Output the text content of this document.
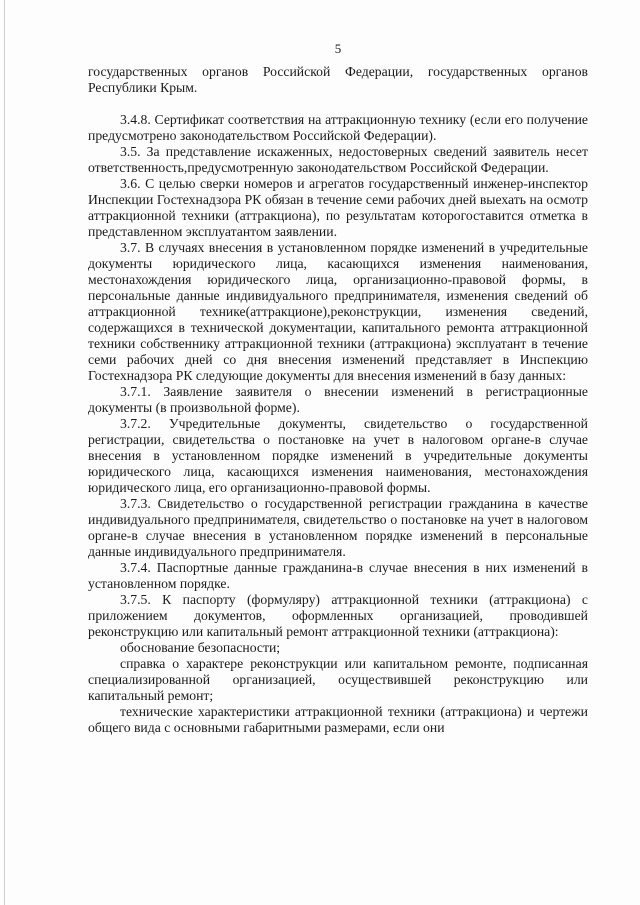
5

государственных органов Российской Федерации, государственных органов Республики Крым.

3.4.8. Сертификат соответствия на аттракционную технику (если его получение предусмотрено законодательством Российской Федерации).

3.5. За представление искаженных, недостоверных сведений заявитель несет ответственность,предусмотренную законодательством Российской Федерации.

3.6. С целью сверки номеров и агрегатов государственный инженер-инспектор Инспекции Гостехнадзора РК обязан в течение семи рабочих дней выехать на осмотр аттракционной техники (аттракциона), по результатам которогоставится отметка в представленном эксплуатантом заявлении.

3.7. В случаях внесения в установленном порядке изменений в учредительные документы юридического лица, касающихся изменения наименования, местонахождения юридического лица, организационно-правовой формы, в персональные данные индивидуального предпринимателя, изменения сведений об аттракционной технике(аттракционе),реконструкции, изменения сведений, содержащихся в технической документации, капитального ремонта аттракционной техники собственнику аттракционной техники (аттракциона) эксплуатант в течение семи рабочих дней со дня внесения изменений представляет в Инспекцию Гостехнадзора РК следующие документы для внесения изменений в базу данных:

3.7.1. Заявление заявителя о внесении изменений в регистрационные документы (в произвольной форме).

3.7.2. Учредительные документы, свидетельство о государственной регистрации, свидетельства о постановке на учет в налоговом органе-в случае внесения в установленном порядке изменений в учредительные документы юридического лица, касающихся изменения наименования, местонахождения юридического лица, его организационно-правовой формы.

3.7.3. Свидетельство о государственной регистрации гражданина в качестве индивидуального предпринимателя, свидетельство о постановке на учет в налоговом органе-в случае внесения в установленном порядке изменений в персональные данные индивидуального предпринимателя.

3.7.4. Паспортные данные гражданина-в случае внесения в них изменений в установленном порядке.

3.7.5. К паспорту (формуляру) аттракционной техники (аттракциона) с приложением документов, оформленных организацией, проводившей реконструкцию или капитальный ремонт аттракционной техники (аттракциона):

обоснование безопасности;

справка о характере реконструкции или капитальном ремонте, подписанная специализированной организацией, осуществившей реконструкцию или капитальный ремонт;

технические характеристики аттракционной техники (аттракциона) и чертежи общего вида с основными габаритными размерами, если они
